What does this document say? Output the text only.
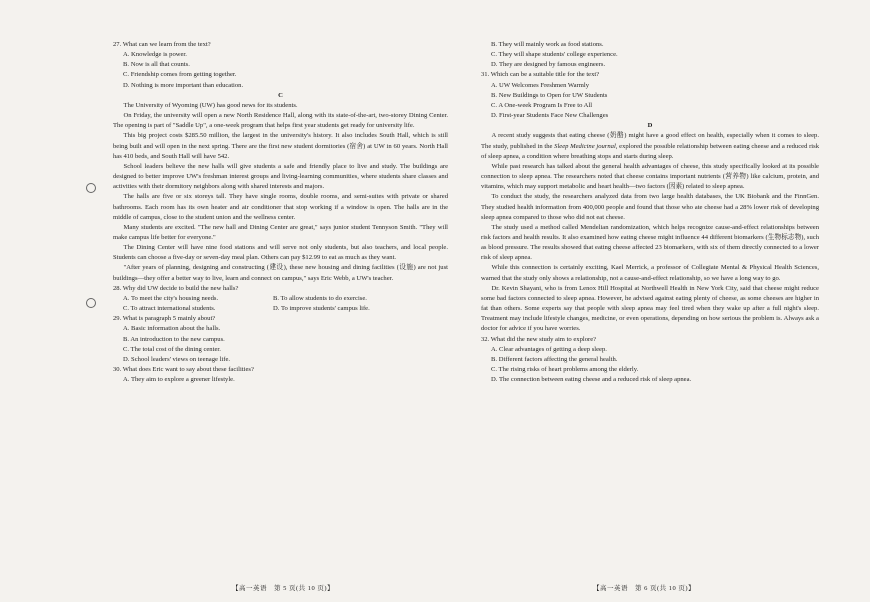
27. What can we learn from the text?

A. Knowledge is power.

B. Now is all that counts.

C. Friendship comes from getting together.

D. Nothing is more important than education.

C

The University of Wyoming (UW) has good news for its students.

On Friday, the university will open a new North Residence Hall, along with its state-of-the-art, two-storey Dining Center. The opening is part of "Saddle Up", a one-week program that helps first year students get ready for university life.

This big project costs $285.50 million, the largest in the university's history. It also includes South Hall, which is still being built and will open in the next spring. There are the first new student dormitories (宿舍) at UW in 60 years. North Hall has 410 beds, and South Hall will have 542.

School leaders believe the new halls will give students a safe and friendly place to live and study. The buildings are designed to better improve UW's freshman interest groups and living-learning communities, where students share classes and activities with their dormitory neighbors along with shared interests and majors.

The halls are five or six storeys tall. They have single rooms, double rooms, and semi-suites with private or shared bathrooms. Each room has its own heater and air conditioner that stop working if a window is open. The halls are in the middle of campus, close to the student union and the wellness center.

Many students are excited. "The new hall and Dining Center are great," says junior student Tennyson Smith. "They will make campus life better for everyone."

The Dining Center will have nine food stations and will serve not only students, but also teachers, and local people. Students can choose a five-day or seven-day meal plan. Others can pay $12.99 to eat as much as they want.

"After years of planning, designing and constructing (建设), these new housing and dining facilities (设施) are not just buildings—they offer a better way to live, learn and connect on campus," says Eric Webb, a UW's teacher.

28. Why did UW decide to build the new halls?

A. To meet the city's housing needs.	B. To allow students to do exercise.
C. To attract international students.	D. To improve students' campus life.

29. What is paragraph 5 mainly about?

A. Basic information about the halls.

B. An introduction to the new campus.

C. The total cost of the dining center.

D. School leaders' views on teenage life.

30. What does Eric want to say about these facilities?

A. They aim to explore a greener lifestyle.

B. They will mainly work as food stations.

C. They will shape students' college experience.

D. They are designed by famous engineers.

31. Which can be a suitable title for the text?

A. UW Welcomes Freshmen Warmly

B. New Buildings to Open for UW Students

C. A One-week Program Is Free to All

D. First-year Students Face New Challenges

D

A recent study suggests that eating cheese (奶酪) might have a good effect on health, especially when it comes to sleep. The study, published in the Sleep Medicine journal, explored the possible relationship between eating cheese and a reduced risk of sleep apnea, a condition where breathing stops and starts during sleep.

While past research has talked about the general health advantages of cheese, this study specifically looked at its possible connection to sleep apnea. The researchers noted that cheese contains important nutrients (营养物) like calcium, protein, and vitamins, which may support metabolic and heart health—two factors (因素) related to sleep apnea.

To conduct the study, the researchers analyzed data from two large health databases, the UK Biobank and the FinnGen. They studied health information from 400,000 people and found that those who ate cheese had a 28% lower risk of developing sleep apnea compared to those who did not eat cheese.

The study used a method called Mendelian randomization, which helps recognize cause-and-effect relationships between risk factors and health results. It also examined how eating cheese might influence 44 different biomarkers (生物标志物), such as blood pressure. The results showed that eating cheese affected 23 biomarkers, with six of them directly connected to a lower risk of sleep apnea.

While this connection is certainly exciting, Kael Merrick, a professor of Collegiate Mental & Physical Health Sciences, warned that the study only shows a relationship, not a cause-and-effect relationship, so we have a long way to go.

Dr. Kevin Shayani, who is from Lenox Hill Hospital at Northwell Health in New York City, said that cheese might reduce some bad factors connected to sleep apnea. However, he advised against eating plenty of cheese, as some cheeses are higher in fat than others. Some experts say that people with sleep apnea may feel tired when they wake up after a full night's sleep. Treatment may include lifestyle changes, medicine, or even operations, depending on how serious the problem is. Always ask a doctor for advice if you have worries.

32. What did the new study aim to explore?

A. Clear advantages of getting a deep sleep.

B. Different factors affecting the general health.

C. The rising risks of heart problems among the elderly.

D. The connection between eating cheese and a reduced risk of sleep apnea.

【高一英语　第 5 页(共 10 页)】	【高一英语　第 6 页(共 10 页)】
